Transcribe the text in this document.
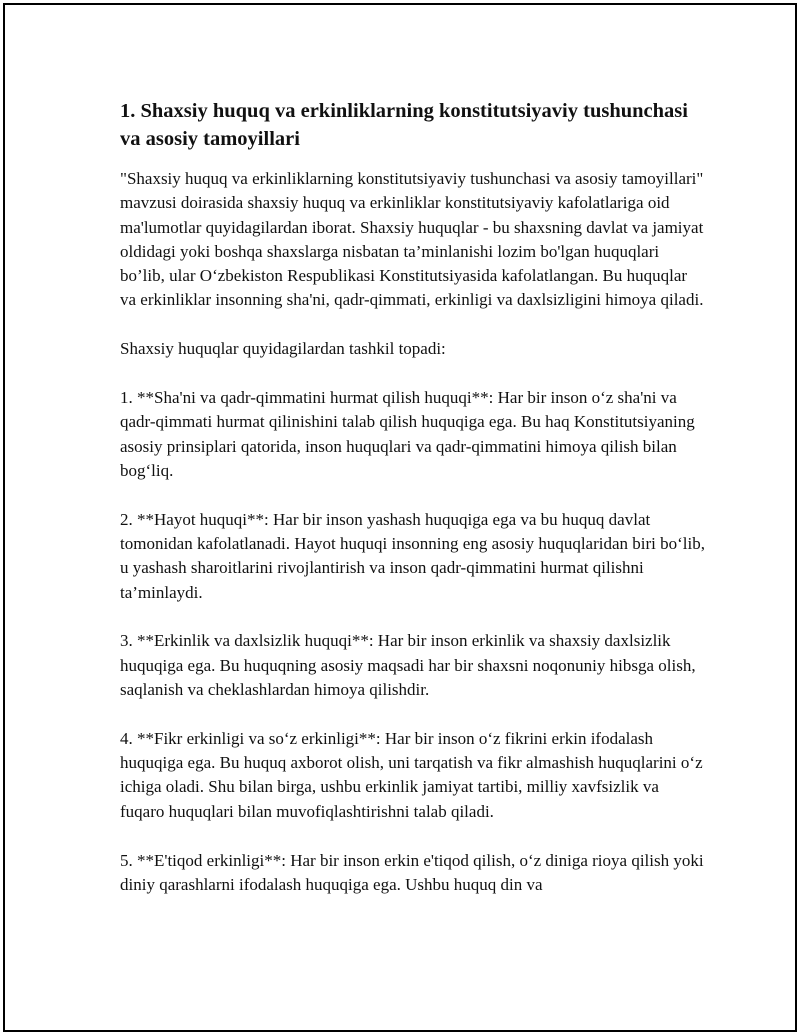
1. Shaxsiy huquq va erkinliklarning konstitutsiyaviy tushunchasi va asosiy tamoyillari

"Shaxsiy huquq va erkinliklarning konstitutsiyaviy tushunchasi va asosiy tamoyillari" mavzusi doirasida shaxsiy huquq va erkinliklar konstitutsiyaviy kafolatlariga oid ma'lumotlar quyidagilardan iborat. Shaxsiy huquqlar - bu shaxsning davlat va jamiyat oldidagi yoki boshqa shaxslarga nisbatan ta’minlanishi lozim bo'lgan huquqlari bo’lib, ular O‘zbekiston Respublikasi Konstitutsiyasida kafolatlangan. Bu huquqlar va erkinliklar insonning sha'ni, qadr-qimmati, erkinligi va daxlsizligini himoya qiladi.

Shaxsiy huquqlar quyidagilardan tashkil topadi:

1. **Sha'ni va qadr-qimmatini hurmat qilish huquqi**: Har bir inson o‘z sha'ni va qadr-qimmati hurmat qilinishini talab qilish huquqiga ega. Bu haq Konstitutsiyaning asosiy prinsiplari qatorida, inson huquqlari va qadr-qimmatini himoya qilish bilan bog‘liq.

2. **Hayot huquqi**: Har bir inson yashash huquqiga ega va bu huquq davlat tomonidan kafolatlanadi. Hayot huquqi insonning eng asosiy huquqlaridan biri bo‘lib, u yashash sharoitlarini rivojlantirish va inson qadr-qimmatini hurmat qilishni ta’minlaydi.

3. **Erkinlik va daxlsizlik huquqi**: Har bir inson erkinlik va shaxsiy daxlsizlik huquqiga ega. Bu huquqning asosiy maqsadi har bir shaxsni noqonuniy hibsga olish, saqlanish va cheklashlardan himoya qilishdir.

4. **Fikr erkinligi va so‘z erkinligi**: Har bir inson o‘z fikrini erkin ifodalash huquqiga ega. Bu huquq axborot olish, uni tarqatish va fikr almashish huquqlarini o‘z ichiga oladi. Shu bilan birga, ushbu erkinlik jamiyat tartibi, milliy xavfsizlik va fuqaro huquqlari bilan muvofiqlashtirishni talab qiladi.

5. **E'tiqod erkinligi**: Har bir inson erkin e'tiqod qilish, o‘z diniga rioya qilish yoki diniy qarashlarni ifodalash huquqiga ega. Ushbu huquq din va
